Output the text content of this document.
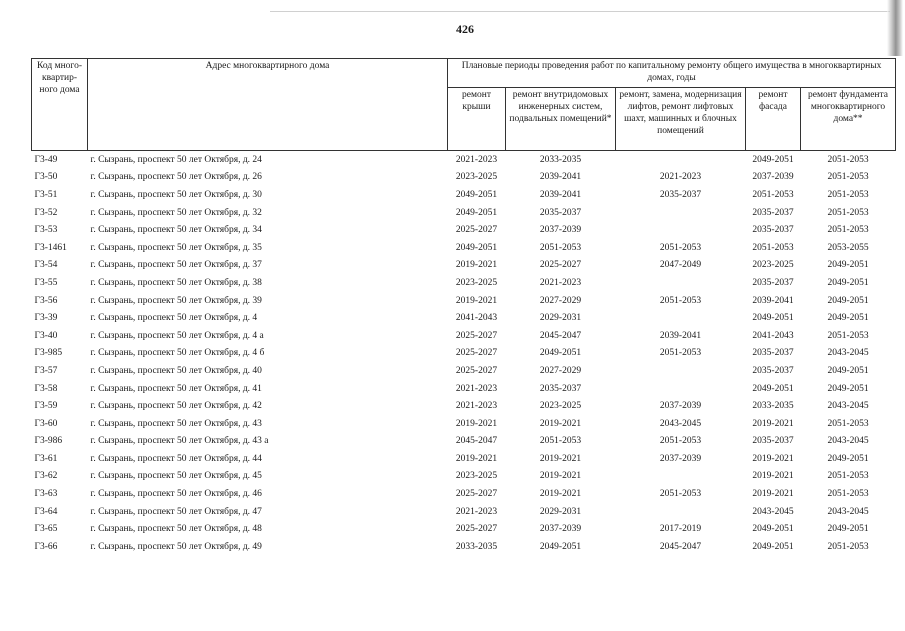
426
Код много-квартир-ного дома	Адрес многоквартирного дома	Плановые периоды проведения работ по капитальному ремонту общего имущества в многоквартирных домах, годы				
		ремонт крыши	ремонт внутридомовых инженерных систем, подвальных помещений*	ремонт, замена, модернизация лифтов, ремонт лифтовых шахт, машинных и блочных помещений	ремонт фасада	ремонт фундамента многоквартирного дома**
Г3-49	г. Сызрань, проспект 50 лет Октября, д. 24	2021-2023	2033-2035		2049-2051	2051-2053
Г3-50	г. Сызрань, проспект 50 лет Октября, д. 26	2023-2025	2039-2041	2021-2023	2037-2039	2051-2053
Г3-51	г. Сызрань, проспект 50 лет Октября, д. 30	2049-2051	2039-2041	2035-2037	2051-2053	2051-2053
Г3-52	г. Сызрань, проспект 50 лет Октября, д. 32	2049-2051	2035-2037		2035-2037	2051-2053
Г3-53	г. Сызрань, проспект 50 лет Октября, д. 34	2025-2027	2037-2039		2035-2037	2051-2053
Г3-1461	г. Сызрань, проспект 50 лет Октября, д. 35	2049-2051	2051-2053	2051-2053	2051-2053	2053-2055
Г3-54	г. Сызрань, проспект 50 лет Октября, д. 37	2019-2021	2025-2027	2047-2049	2023-2025	2049-2051
Г3-55	г. Сызрань, проспект 50 лет Октября, д. 38	2023-2025	2021-2023		2035-2037	2049-2051
Г3-56	г. Сызрань, проспект 50 лет Октября, д. 39	2019-2021	2027-2029	2051-2053	2039-2041	2049-2051
Г3-39	г. Сызрань, проспект 50 лет Октября, д. 4	2041-2043	2029-2031		2049-2051	2049-2051
Г3-40	г. Сызрань, проспект 50 лет Октября, д. 4 а	2025-2027	2045-2047	2039-2041	2041-2043	2051-2053
Г3-985	г. Сызрань, проспект 50 лет Октября, д. 4 б	2025-2027	2049-2051	2051-2053	2035-2037	2043-2045
Г3-57	г. Сызрань, проспект 50 лет Октября, д. 40	2025-2027	2027-2029		2035-2037	2049-2051
Г3-58	г. Сызрань, проспект 50 лет Октября, д. 41	2021-2023	2035-2037		2049-2051	2049-2051
Г3-59	г. Сызрань, проспект 50 лет Октября, д. 42	2021-2023	2023-2025	2037-2039	2033-2035	2043-2045
Г3-60	г. Сызрань, проспект 50 лет Октября, д. 43	2019-2021	2019-2021	2043-2045	2019-2021	2051-2053
Г3-986	г. Сызрань, проспект 50 лет Октября, д. 43 а	2045-2047	2051-2053	2051-2053	2035-2037	2043-2045
Г3-61	г. Сызрань, проспект 50 лет Октября, д. 44	2019-2021	2019-2021	2037-2039	2019-2021	2049-2051
Г3-62	г. Сызрань, проспект 50 лет Октября, д. 45	2023-2025	2019-2021		2019-2021	2051-2053
Г3-63	г. Сызрань, проспект 50 лет Октября, д. 46	2025-2027	2019-2021	2051-2053	2019-2021	2051-2053
Г3-64	г. Сызрань, проспект 50 лет Октября, д. 47	2021-2023	2029-2031		2043-2045	2043-2045
Г3-65	г. Сызрань, проспект 50 лет Октября, д. 48	2025-2027	2037-2039	2017-2019	2049-2051	2049-2051
Г3-66	г. Сызрань, проспект 50 лет Октября, д. 49	2033-2035	2049-2051	2045-2047	2049-2051	2051-2053
